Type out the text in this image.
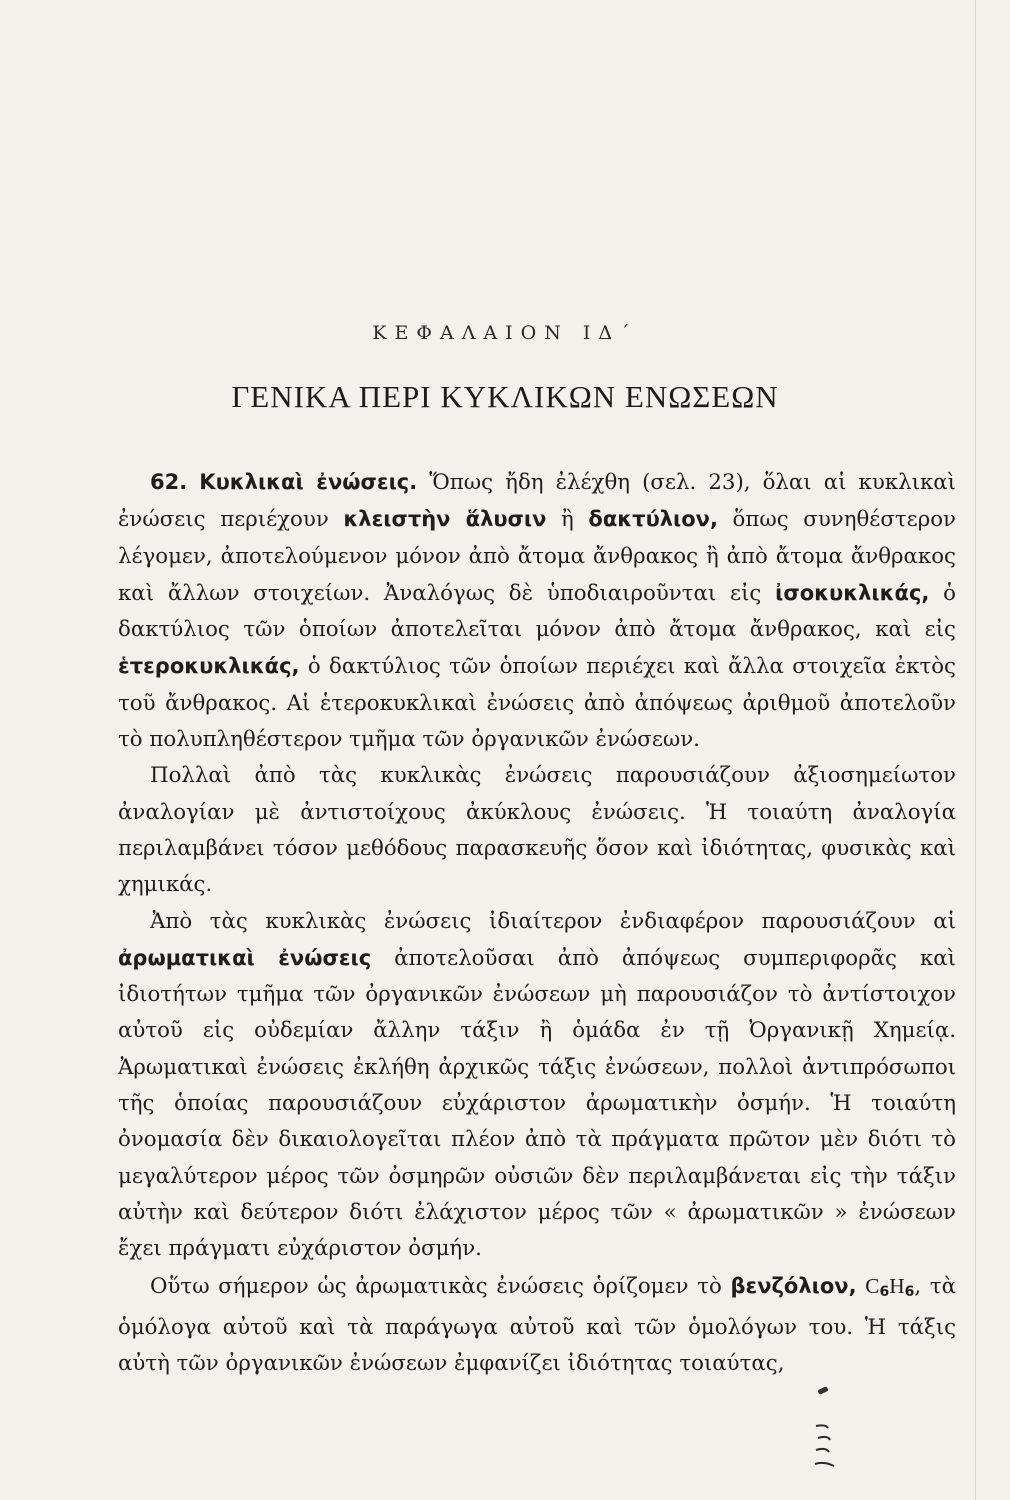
ΚΕΦΑΛΑΙΟΝ ΙΔ΄
ΓΕΝΙΚΑ ΠΕΡΙ ΚΥΚΛΙΚΩΝ ΕΝΩΣΕΩΝ

62. Κυκλικαὶ ἐνώσεις. Ὅπως ἤδη ἐλέχθη (σελ. 23), ὅλαι αἱ κυκλικαὶ ἐνώσεις περιέχουν κλειστὴν ἅλυσιν ἢ δακτύλιον, ὅπως συνηθέστερον λέγομεν, ἀποτελούμενον μόνον ἀπὸ ἄτομα ἄνθρακος ἢ ἀπὸ ἄτομα ἄνθρακος καὶ ἄλλων στοιχείων. Ἀναλόγως δὲ ὑποδιαιροῦνται εἰς ἰσοκυκλικάς, ὁ δακτύλιος τῶν ὁποίων ἀποτελεῖται μόνον ἀπὸ ἄτομα ἄνθρακος, καὶ εἰς ἑτεροκυκλικάς, ὁ δακτύλιος τῶν ὁποίων περιέχει καὶ ἄλλα στοιχεῖα ἐκτὸς τοῦ ἄνθρακος. Αἱ ἑτεροκυκλικαὶ ἐνώσεις ἀπὸ ἀπόψεως ἀριθμοῦ ἀποτελοῦν τὸ πολυπληθέστερον τμῆμα τῶν ὀργανικῶν ἐνώσεων.

Πολλαὶ ἀπὸ τὰς κυκλικὰς ἐνώσεις παρουσιάζουν ἀξιοσημείωτον ἀναλογίαν μὲ ἀντιστοίχους ἀκύκλους ἐνώσεις. Ἡ τοιαύτη ἀναλογία περιλαμβάνει τόσον μεθόδους παρασκευῆς ὅσον καὶ ἰδιότητας, φυσικὰς καὶ χημικάς.

Ἀπὸ τὰς κυκλικὰς ἐνώσεις ἰδιαίτερον ἐνδιαφέρον παρουσιάζουν αἱ ἀρωματικαὶ ἐνώσεις ἀποτελοῦσαι ἀπὸ ἀπόψεως συμπεριφορᾶς καὶ ἰδιοτήτων τμῆμα τῶν ὀργανικῶν ἐνώσεων μὴ παρουσιάζον τὸ ἀντίστοιχον αὐτοῦ εἰς οὐδεμίαν ἄλλην τάξιν ἢ ὁμάδα ἐν τῇ Ὀργανικῇ Χημείᾳ. Ἀρωματικαὶ ἐνώσεις ἐκλήθη ἀρχικῶς τάξις ἐνώσεων, πολλοὶ ἀντιπρόσωποι τῆς ὁποίας παρουσιάζουν εὐχάριστον ἀρωματικὴν ὀσμήν. Ἡ τοιαύτη ὀνομασία δὲν δικαιολογεῖται πλέον ἀπὸ τὰ πράγματα πρῶτον μὲν διότι τὸ μεγαλύτερον μέρος τῶν ὀσμηρῶν οὐσιῶν δὲν περιλαμβάνεται εἰς τὴν τάξιν αὐτὴν καὶ δεύτερον διότι ἐλάχιστον μέρος τῶν « ἀρωματικῶν » ἐνώσεων ἔχει πράγματι εὐχάριστον ὀσμήν.

Οὕτω σήμερον ὡς ἀρωματικὰς ἐνώσεις ὁρίζομεν τὸ βενζόλιον, $C_6H_6$, τὰ ὁμόλογα αὐτοῦ καὶ τὰ παράγωγα αὐτοῦ καὶ τῶν ὁμολόγων του. Ἡ τάξις αὐτὴ τῶν ὀργανικῶν ἐνώσεων ἐμφανίζει ἰδιότητας τοιαύτας,
